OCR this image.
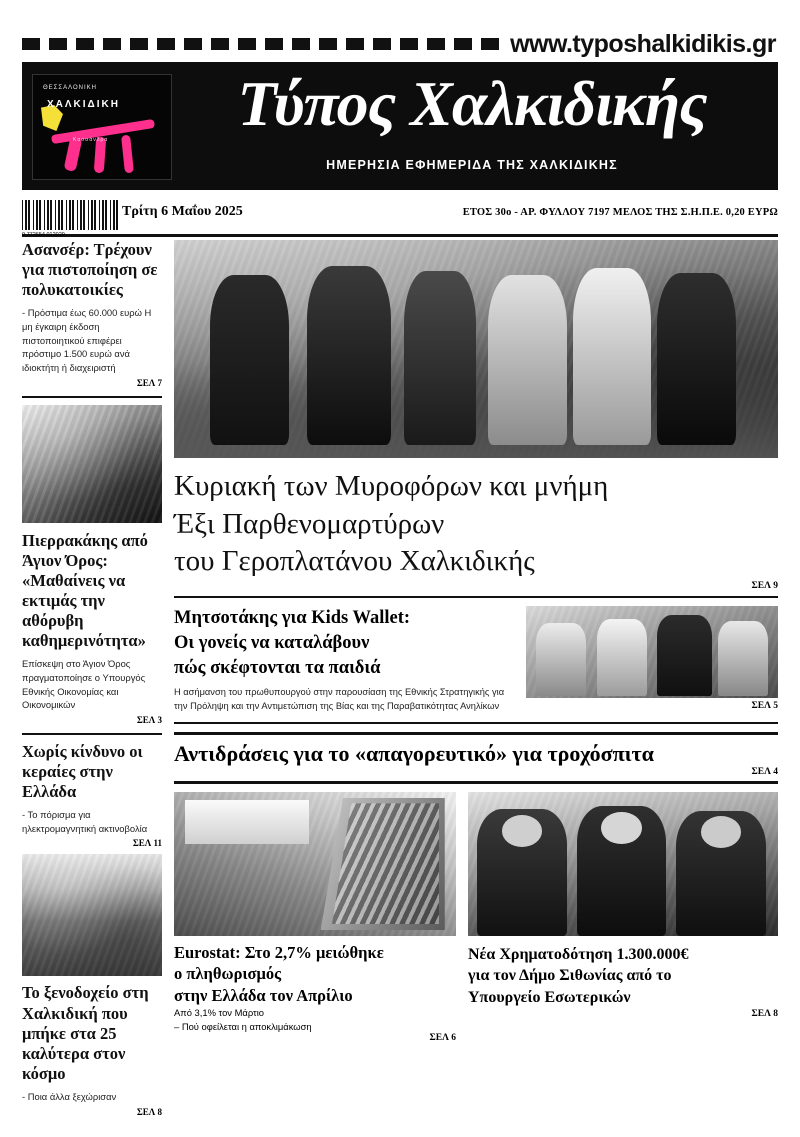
www.typoshalkidikis.gr
ΘΕΣΣΑΛΟΝΙΚΗ
ΧΑΛΚΙΔΙΚΗ
Κασσάνδρα
Τύπος Χαλκιδικής
ΗΜΕΡΗΣΙΑ ΕΦΗΜΕΡΙΔΑ ΤΗΣ ΧΑΛΚΙΔΙΚΗΣ
9 772654 012029
Τρίτη 6 Μαΐου 2025	ΕΤΟΣ 30ο - ΑΡ. ΦΥΛΛΟΥ 7197 ΜΕΛΟΣ ΤΗΣ Σ.Η.Π.Ε. 0,20 ΕΥΡΩ
Ασανσέρ: Τρέχουν για πιστοποίηση σε πολυκατοικίες
- Πρόστιμα έως 60.000 ευρώ Η μη έγκαιρη έκδοση πιστοποιητικού επιφέρει πρόστιμο 1.500 ευρώ ανά ιδιοκτήτη ή διαχειριστή
ΣΕΛ 7
Πιερρακάκης από Άγιον Όρος: «Μαθαίνεις να εκτιμάς την αθόρυβη καθημερινότητα»
Επίσκεψη στο Άγιον Όρος πραγματοποίησε ο Υπουργός Εθνικής Οικονομίας και Οικονομικών
ΣΕΛ 3
Χωρίς κίνδυνο οι κεραίες στην Ελλάδα
- Το πόρισμα για ηλεκτρομαγνητική ακτινοβολία
ΣΕΛ 11
Το ξενοδοχείο στη Χαλκιδική που μπήκε στα 25 καλύτερα στον κόσμο
- Ποια άλλα ξεχώρισαν
ΣΕΛ 8
Κυριακή των Μυροφόρων και μνήμη
Έξι Παρθενομαρτύρων
του Γεροπλατάνου Χαλκιδικής
ΣΕΛ 9
Μητσοτάκης για Kids Wallet:
Οι γονείς να καταλάβουν
πώς σκέφτονται τα παιδιά
Η ασήμανση του πρωθυπουργού στην παρουσίαση της Εθνικής Στρατηγικής για την Πρόληψη και την Αντιμετώπιση της Βίας και της Παραβατικότητας Ανηλίκων	ΣΕΛ 5
Αντιδράσεις για το «απαγορευτικό» για τροχόσπιτα
ΣΕΛ 4
Eurostat: Στο 2,7% μειώθηκε
ο πληθωρισμός
στην Ελλάδα τον Απρίλιο
Από 3,1% τον Μάρτιο
– Πού οφείλεται η αποκλιμάκωση
ΣΕΛ 6
Νέα Χρηματοδότηση 1.300.000€
για τον Δήμο Σιθωνίας από το
Υπουργείο Εσωτερικών
ΣΕΛ 8
